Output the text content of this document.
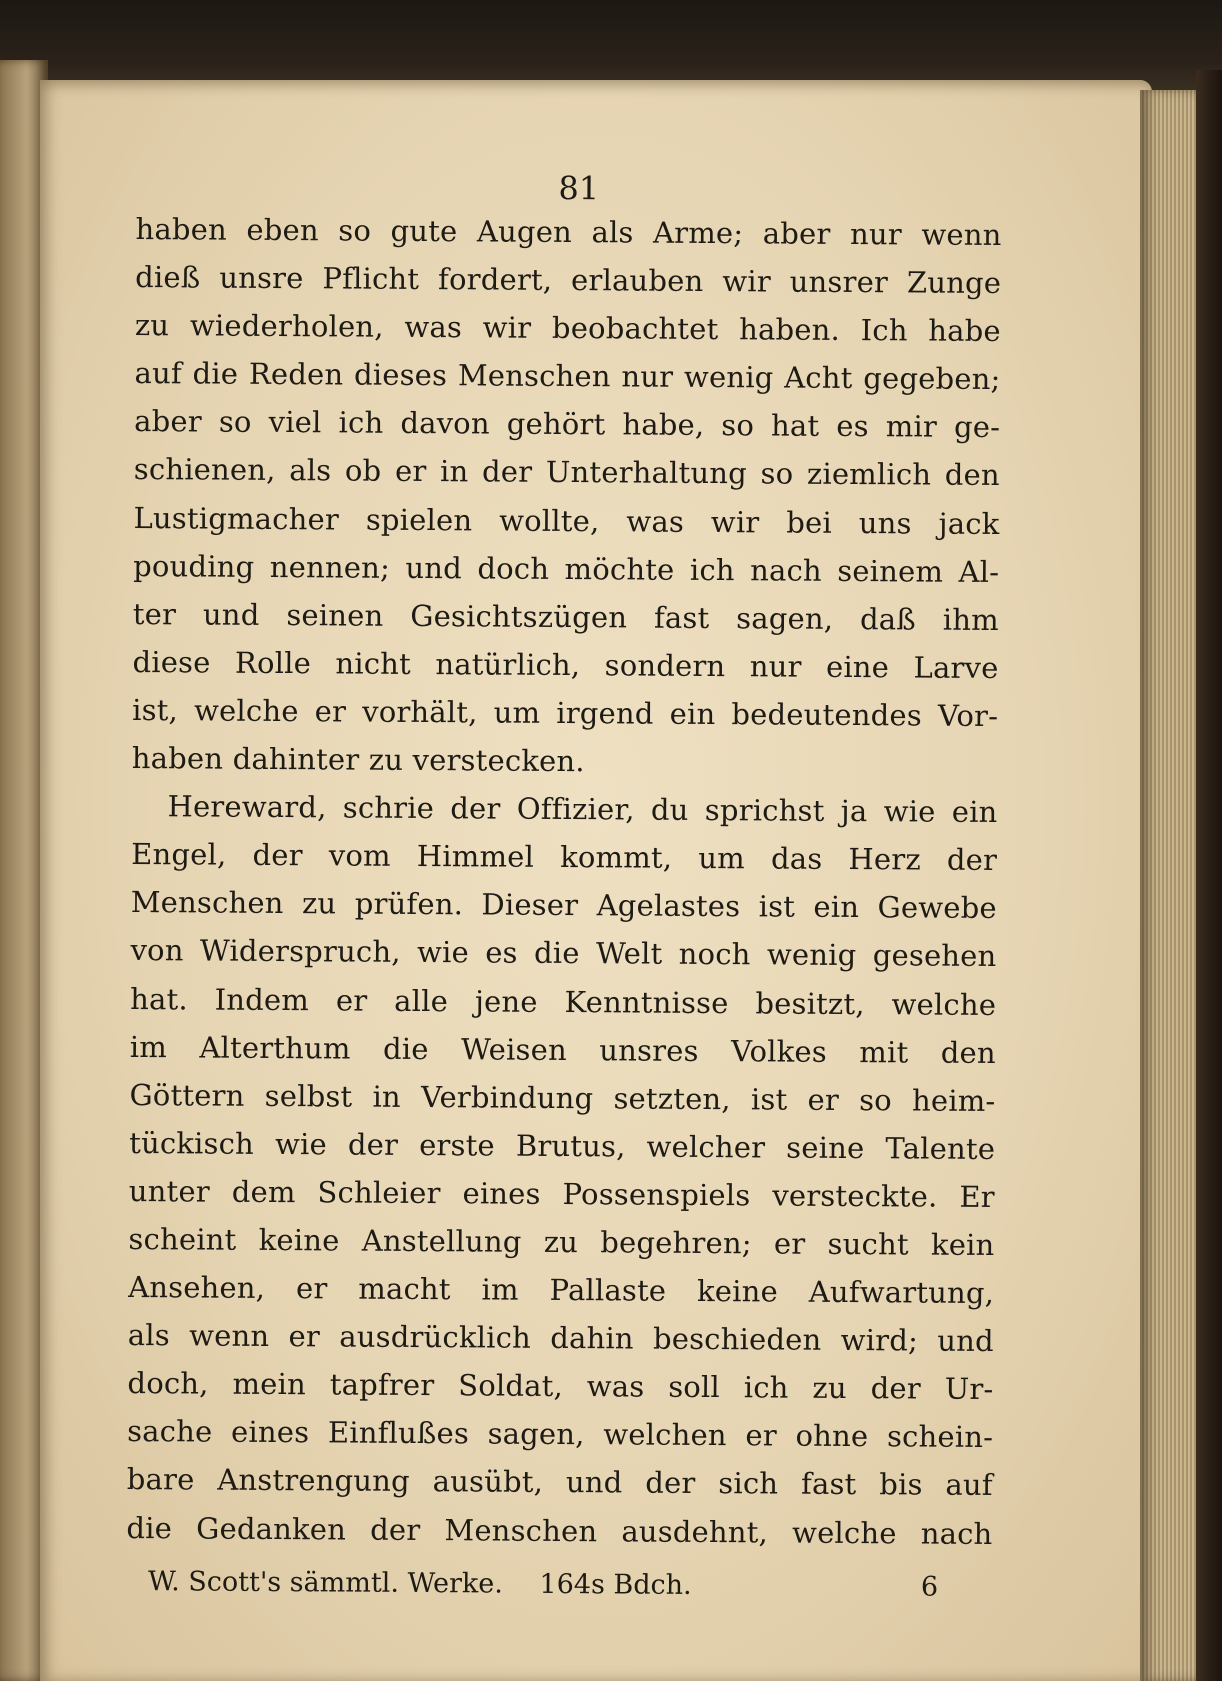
81
haben eben so gute Augen als Arme; aber nur wenn
dieß unsre Pflicht fordert, erlauben wir unsrer Zunge
zu wiederholen, was wir beobachtet haben. Ich habe
auf die Reden dieses Menschen nur wenig Acht gegeben;
aber so viel ich davon gehört habe, so hat es mir ge-
schienen, als ob er in der Unterhaltung so ziemlich den
Lustigmacher spielen wollte, was wir bei uns jack
pouding nennen; und doch möchte ich nach seinem Al-
ter und seinen Gesichtszügen fast sagen, daß ihm
diese Rolle nicht natürlich, sondern nur eine Larve
ist, welche er vorhält, um irgend ein bedeutendes Vor-
haben dahinter zu verstecken.
Hereward, schrie der Offizier, du sprichst ja wie ein
Engel, der vom Himmel kommt, um das Herz der
Menschen zu prüfen. Dieser Agelastes ist ein Gewebe
von Widerspruch, wie es die Welt noch wenig gesehen
hat. Indem er alle jene Kenntnisse besitzt, welche
im Alterthum die Weisen unsres Volkes mit den
Göttern selbst in Verbindung setzten, ist er so heim-
tückisch wie der erste Brutus, welcher seine Talente
unter dem Schleier eines Possenspiels versteckte. Er
scheint keine Anstellung zu begehren; er sucht kein
Ansehen, er macht im Pallaste keine Aufwartung,
als wenn er ausdrücklich dahin beschieden wird; und
doch, mein tapfrer Soldat, was soll ich zu der Ur-
sache eines Einflußes sagen, welchen er ohne schein-
bare Anstrengung ausübt, und der sich fast bis auf
die Gedanken der Menschen ausdehnt, welche nach
W. Scott's sämmtl. Werke. 164s Bdch.	6
